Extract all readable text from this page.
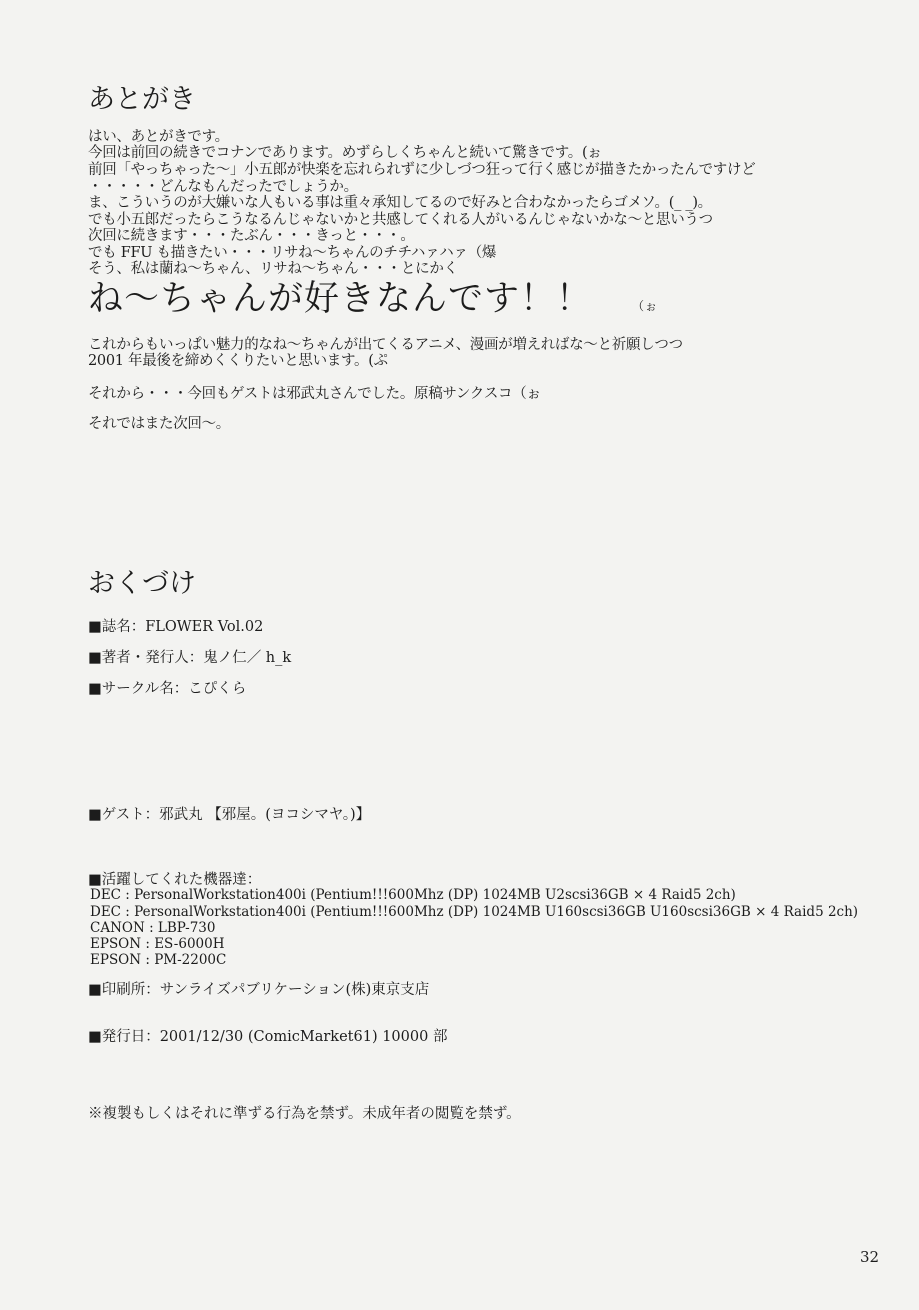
あとがき
はい、あとがきです。
今回は前回の続きでコナンであります。めずらしくちゃんと続いて驚きです。(ぉ
前回「やっちゃった～」小五郎が快楽を忘れられずに少しづつ狂って行く感じが描きたかったんですけど
・・・・・どんなもんだったでしょうか。
ま、こういうのが大嫌いな人もいる事は重々承知してるので好みと合わなかったらゴメソ。(_ _)。
でも小五郎だったらこうなるんじゃないかと共感してくれる人がいるんじゃないかな～と思いうつ
次回に続きます・・・たぶん・・・きっと・・・。
でも FFU も描きたい・・・リサね～ちゃんのチチハァハァ（爆
そう、私は蘭ね～ちゃん、リサね～ちゃん・・・とにかく
ね～ちゃんが好きなんです！！	（ぉ
これからもいっぱい魅力的なね～ちゃんが出てくるアニメ、漫画が増えればな～と祈願しつつ
2001 年最後を締めくくりたいと思います。(ぷ
それから・・・今回もゲストは邪武丸さんでした。原稿サンクスコ（ぉ
それではまた次回～。
おくづけ
■誌名：FLOWER Vol.02
■著者・発行人：鬼ノ仁／ h_k
■サークル名：こぴくら
■ゲスト：邪武丸 【邪屋。(ヨコシマヤ。)】
■活躍してくれた機器達：
DEC : PersonalWorkstation400i (Pentium!!!600Mhz (DP) 1024MB U2scsi36GB × 4 Raid5 2ch)
DEC : PersonalWorkstation400i (Pentium!!!600Mhz (DP) 1024MB U160scsi36GB U160scsi36GB × 4 Raid5 2ch)
CANON : LBP-730
EPSON : ES-6000H
EPSON : PM-2200C
■印刷所：サンライズパブリケーション(株)東京支店
■発行日：2001/12/30 (ComicMarket61) 10000 部
※複製もしくはそれに準ずる行為を禁ず。未成年者の閲覧を禁ず。
32
